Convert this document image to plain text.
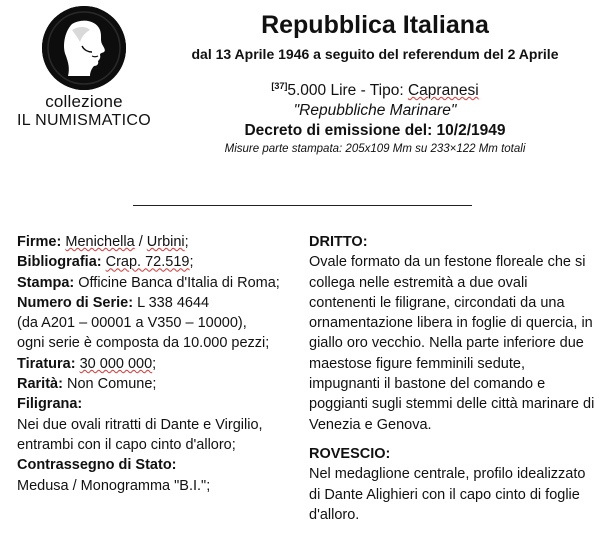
collezione
IL NUMISMATICO
Repubblica Italiana
dal 13 Aprile 1946 a seguito del referendum del 2 Aprile
[37]5.000 Lire - Tipo: Capranesi
"Repubbliche Marinare"
Decreto di emissione del: 10/2/1949
Misure parte stampata: 205x109 Mm su 233×122 Mm totali
Firme: Menichella / Urbini;
Bibliografia: Crap. 72.519;
Stampa: Officine Banca d'Italia di Roma;
Numero di Serie: L 338 4644
(da A201 – 00001 a V350 – 10000),
ogni serie è composta da 10.000 pezzi;
Tiratura: 30 000 000;
Rarità: Non Comune;
Filigrana:
Nei due ovali ritratti di Dante e Virgilio, entrambi con il capo cinto d'alloro;
Contrassegno di Stato:
Medusa / Monogramma "B.I.";
DRITTO:
Ovale formato da un festone floreale che si collega nelle estremità a due ovali contenenti le filigrane, circondati da una ornamentazione libera in foglie di quercia, in giallo oro vecchio. Nella parte inferiore due maestose figure femminili sedute, impugnanti il bastone del comando e poggianti sugli stemmi delle città marinare di Venezia e Genova.
ROVESCIO:
Nel medaglione centrale, profilo idealizzato di Dante Alighieri con il capo cinto di foglie d'alloro.
